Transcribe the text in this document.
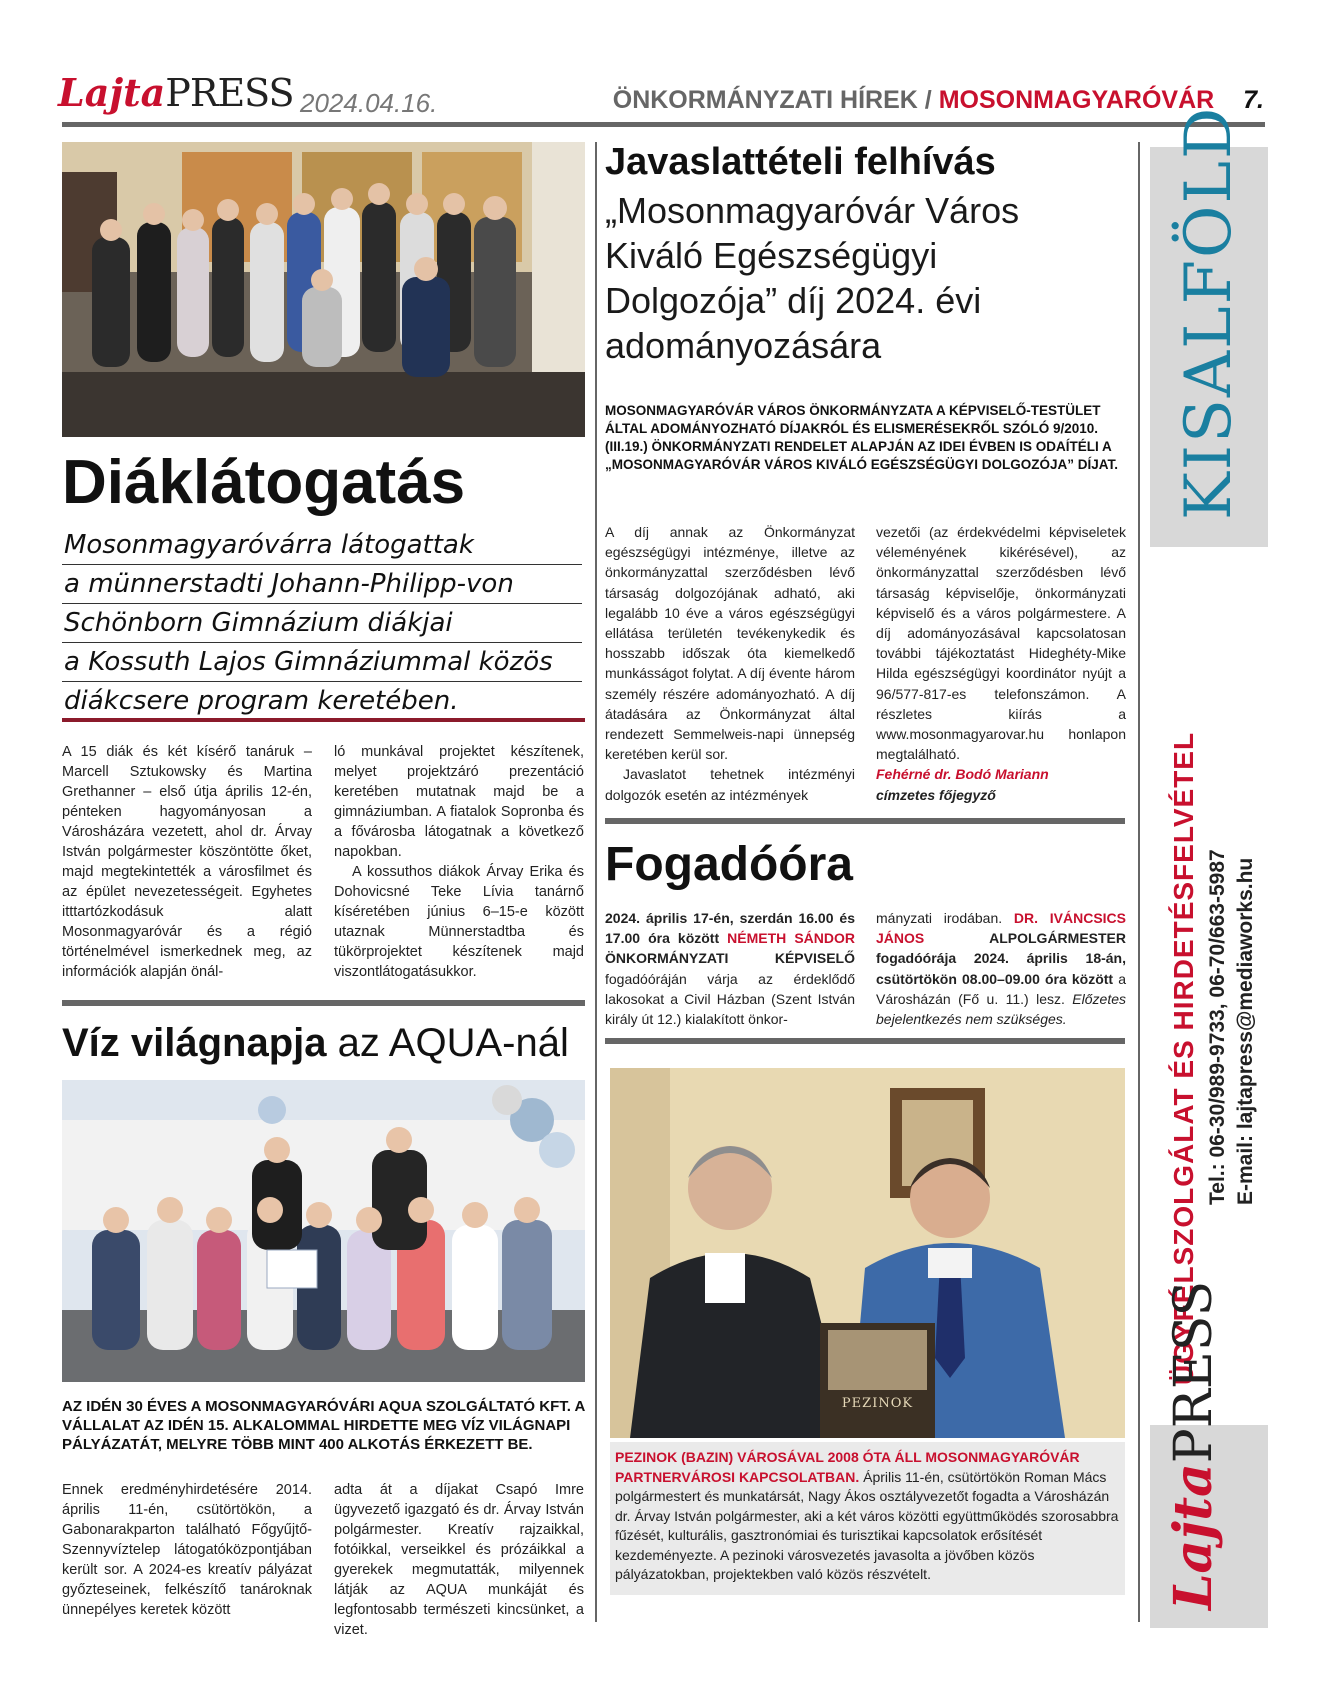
LajtaPRESS 2024.04.16.	ÖNKORMÁNYZATI HÍREK / MOSONMAGYARÓVÁR 7.
Diáklátogatás
Mosonmagyaróvárra látogattak
a münnerstadti Johann-Philipp-von
Schönborn Gimnázium diákjai
a Kossuth Lajos Gimnáziummal közös
diákcsere program keretében.
A 15 diák és két kísérő tanáruk – Marcell Sztukowsky és Martina Grethanner – első útja április 12-én, pénteken hagyományosan a Városházára vezetett, ahol dr. Árvay István polgármester köszöntötte őket, majd megtekintették a városfilmet és az épület nevezetességeit. Egyhetes itttartózkodásuk alatt Mosonmagyaróvár és a régió történelmével ismerkednek meg, az információk alapján önál-

ló munkával projektet készítenek, melyet projektzáró prezentáció keretében mutatnak majd be a gimnáziumban. A fiatalok Sopronba és a fővárosba látogatnak a következő napokban.

A kossuthos diákok Árvay Erika és Dohovicsné Teke Lívia tanárnő kíséretében június 6–15-e között utaznak Münnerstadtba és tükörprojektet készítenek majd viszontlátogatásukkor.

Víz világnapja az AQUA-nál
AZ IDÉN 30 ÉVES A MOSONMAGYARÓVÁRI AQUA SZOLGÁLTATÓ KFT. A VÁLLALAT AZ IDÉN 15. ALKALOMMAL HIRDETTE MEG VÍZ VILÁGNAPI PÁLYÁZATÁT, MELYRE TÖBB MINT 400 ALKOTÁS ÉRKEZETT BE.
Ennek eredményhirdetésére 2014. április 11-én, csütörtökön, a Gabonarakparton található Főgyűjtő-Szennyvíztelep látogatóközpontjában került sor. A 2024-es kreatív pályázat győzteseinek, felkészítő tanároknak ünnepélyes keretek között
adta át a díjakat Csapó Imre ügyvezető igazgató és dr. Árvay István polgármester. Kreatív rajzaikkal, fotóikkal, verseikkel és prózáikkal a gyerekek megmutatták, milyennek látják az AQUA munkáját és legfontosabb természeti kincsünket, a vizet.
Javaslattételi felhívás
„Mosonmagyaróvár Város
Kiváló Egészségügyi
Dolgozója” díj 2024. évi
adományozására
MOSONMAGYARÓVÁR VÁROS ÖNKORMÁNYZATA A KÉPVISELŐ-TESTÜLET ÁLTAL ADOMÁNYOZHATÓ DÍJAKRÓL ÉS ELISMERÉSEKRŐL SZÓLÓ 9/2010. (III.19.) ÖNKORMÁNYZATI RENDELET ALAPJÁN AZ IDEI ÉVBEN IS ODAÍTÉLI A „MOSONMAGYARÓVÁR VÁROS KIVÁLÓ EGÉSZSÉGÜGYI DOLGOZÓJA” DÍJAT.

A díj annak az Önkormányzat egészségügyi intézménye, illetve az önkormányzattal szerződésben lévő társaság dolgozójának adható, aki legalább 10 éve a város egészségügyi ellátása területén tevékenykedik és hosszabb időszak óta kiemelkedő munkásságot folytat. A díj évente három személy részére adományozható. A díj átadására az Önkormányzat által rendezett Semmelweis-napi ünnepség keretében kerül sor.

Javaslatot tehetnek intézményi dolgozók esetén az intézmények

vezetői (az érdekvédelmi képviseletek véleményének kikérésével), az önkormányzattal szerződésben lévő társaság képviselője, önkormányzati képviselő és a város polgármestere. A díj adományozásával kapcsolatosan további tájékoztatást Hideghéty-Mike Hilda egészségügyi koordinátor nyújt a 96/577-817-es telefonszámon. A részletes kiírás a www.mosonmagyarovar.hu honlapon megtalálható.

Fehérné dr. Bodó Mariann

címzetes főjegyző

Fogadóóra
2024. április 17-én, szerdán 16.00 és 17.00 óra között NÉMETH SÁNDOR ÖNKORMÁNYZATI KÉPVISELŐ fogadóóráján várja az érdeklődő lakosokat a Civil Házban (Szent István király út 12.) kialakított önkor-
mányzati irodában. DR. IVÁNCSICS JÁNOS	ALPOLGÁRMESTER fogadóórája 2024. április 18-án, csütörtökön 08.00–09.00 óra között a Városházán (Fő u. 11.) lesz. Előzetes bejelentkezés nem szükséges.
PEZINOK
PEZINOK (BAZIN) VÁROSÁVAL 2008 ÓTA ÁLL MOSONMAGYARÓVÁR PARTNERVÁROSI KAPCSOLATBAN. Április 11-én, csütörtökön Roman Mács polgármestert és munkatársát, Nagy Ákos osztályvezetőt fogadta a Városházán dr. Árvay István polgármester, aki a két város közötti együttműködés szorosabbra fűzését, kulturális, gasztronómiai és turisztikai kapcsolatok erősítését kezdeményezte. A pezinoki városvezetés javasolta a jövőben közös pályázatokban, projektekben való közös részvételt.
KISALFÖLD
ÜGYFÉLSZOLGÁLAT ÉS HIRDETÉSFELVÉTEL Tel.: 06-30/989-9733, 06-70/663-5987 E-mail: lajtapress@mediaworks.hu
LajtaPRESS
